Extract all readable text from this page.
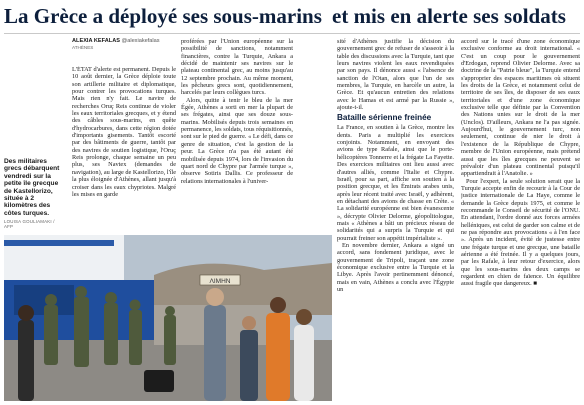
La Grèce a déployé ses sous-marins et mis en alerte ses soldats
Des militaires grecs débarquent vendredi sur la petite île grecque de Kastellorizo, située à 2 kilomètres des côtes turques.
LOUISA GOULIAMAKI / AFP
ALEXIA KEFALAS @alexiakefalas
ATHÈNES

L'ÉTAT d'alerte est permanent. Depuis le 10 août dernier, la Grèce déploie toute son artillerie militaire et diplomatique, pour contrer les provocations turques. Mais rien n'y fait. Le navire de recherches Oruç Reis continue de violer les eaux territoriales grecques, et y étend des câbles sous-marins, en quête d'hydrocarbures, dans cette région dotée d'importants gisements. Tantôt escorté par des bâtiments de guerre, tantôt par des navires de soutien logistique, l'Oruç Reis prolonge, chaque semaine un peu plus, ses Navtex (demandes de navigation), au large de Kastellorizo, l'île la plus éloignée d'Athènes, allant jusqu'à croiser dans les eaux chypriotes. Malgré les mises en garde

proférées par l'Union européenne sur la possibilité de sanctions, notamment financières, contre la Turquie, Ankara a décidé de maintenir ses navires sur le plateau continental grec, au moins jusqu'au 12 septembre prochain. Au même moment, les pêcheurs grecs sont, quotidiennement, harcelés par leurs collègues turcs.

Alors, quitte à tenir le bleu de la mer Égée, Athènes a sorti en mer la plupart de ses frégates, ainsi que ses douze sous-marins. Mobilisés depuis trois semaines en permanence, les soldats, tous réquisitionnés, sont sur le pied de guerre. « Le défi, dans ce genre de situation, c'est la gestion de la peur. La Grèce n'a pas été autant été mobilisée depuis 1974, lors de l'invasion du quart nord de Chypre par l'armée turque », observe Sotiris Dallis. Ce professeur de relations internationales à l'univer-

sité d'Athènes justifie la décision du gouvernement grec de refuser de s'asseoir à la table des discussions avec la Turquie, tant que leurs navires violent les eaux revendiquées par son pays. Il dénonce aussi « l'absence de sanction de l'Otan, alors que l'un de ses membres, la Turquie, en harcèle un autre, la Grèce. Et qu'aucun entretien des relations avec le Hamas et est armé par la Russie », ajoute-t-il.

Bataille sérienne freinée

La France, en soutien à la Grèce, montre les dents. Paris a multiplié les exercices conjoints. Notamment, en envoyant des avions de type Rafale, ainsi que le porte-hélicoptères Tonnerre et la frégate La Fayette. Des exercices militaires ont lieu aussi avec d'autres alliés, comme l'Italie et Chypre. Israël, pour sa part, affiche son soutien à la position grecque, et les Émirats arabes unis, après leur récent traité avec Israël, y adhèrent, en détachant des avions de chasse en Crète. « La solidarité européenne est bien évanescente », décrypte Olivier Delorme, géopolitologue, mais « Athènes a bâti un précieux réseau de solidarités qui a surpris la Turquie et qui pourrait freiner son appétit impérialiste ».

En novembre dernier, Ankara a signé un accord, sans fondement juridique, avec le gouvernement de Tripoli, traçant une zone économique exclusive entre la Turquie et la Libye. Après l'avoir pertinemment dénoncé, mais en vain, Athènes a conclu avec l'Égypte un

accord sur le tracé d'une zone économique exclusive conforme au droit international. « C'est un coup pour le gouvernement d'Erdogan, reprend Olivier Delorme. Avec sa doctrine de la "Patrie bleue", la Turquie entend s'approprier des espaces maritimes où situent les droits de la Grèce, et notamment celui de territoire de ses îles, de disposer de ses eaux territoriales et d'une zone économique exclusive telle que définie par la Convention des Nations unies sur le droit de la mer (Unclos). D'ailleurs, Ankara ne l'a pas signée. Aujourd'hui, le gouvernement turc, non seulement, continue de nier le droit à l'existence de la République de Chypre, membre de l'Union européenne, mais prétend aussi que les îles grecques ne peuvent se prévaloir d'un plateau continental puisqu'il appartiendrait à l'Anatolie. »

Pour l'expert, la seule solution serait que la Turquie accepte enfin de recourir à la Cour de justice internationale de La Haye, comme le demande la Grèce depuis 1975, et comme le recommande le Conseil de sécurité de l'ONU. En attendant, l'ordre donné aux forces armées helléniques, est celui de garder son calme et de ne pas répondre aux provocations « à l'en face ». Après un incident, évité de justesse entre une frégate turque et une grecque, une bataille aérienne a été freinée. Il y a quelques jours, par les Rafale, à leur retour d'exercice, alors que les sous-marins des deux camps se regardent en chien de faïence. Un équilibre aussi fragile que dangereux. ■

ΛΙΜΗΝ
